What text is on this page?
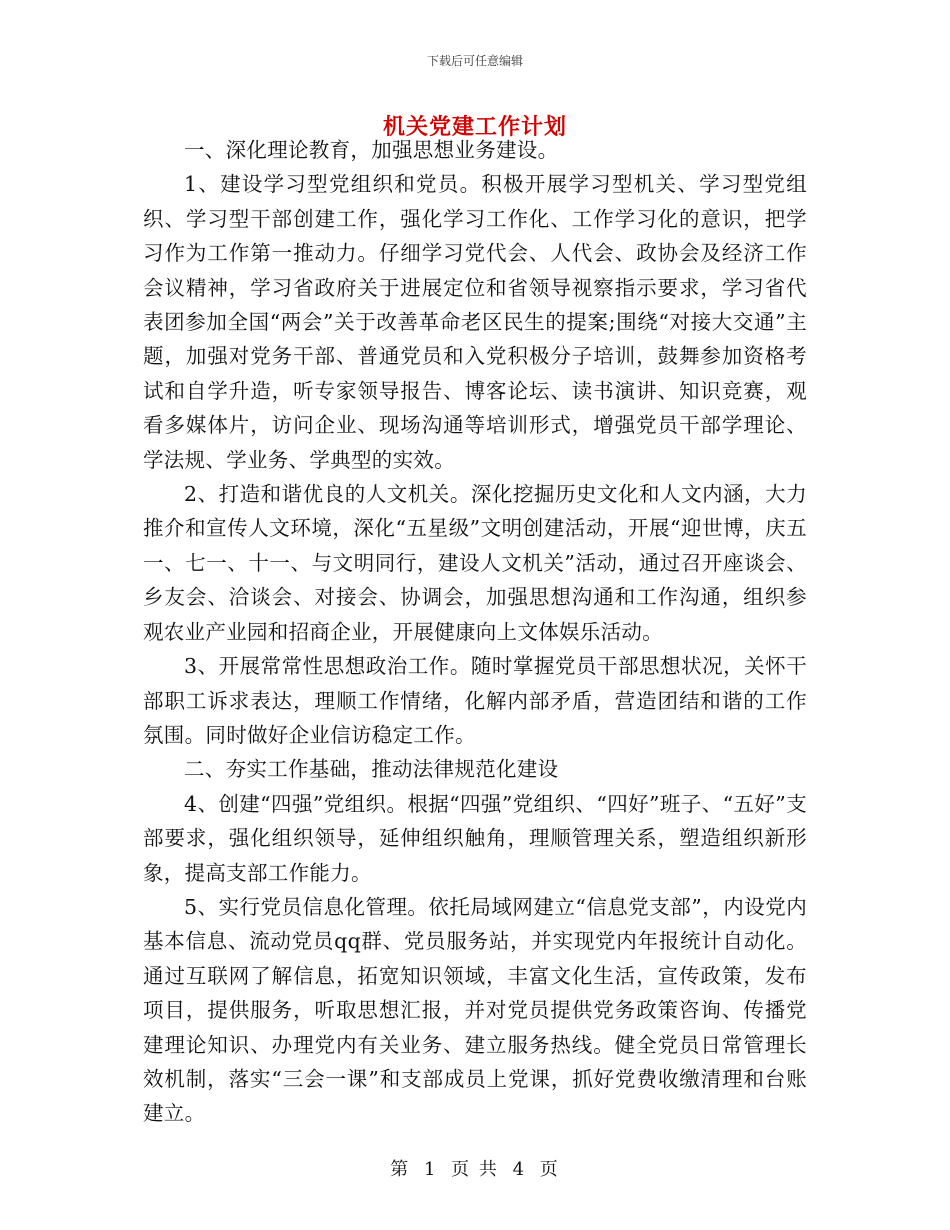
下载后可任意编辑
机关党建工作计划

一、深化理论教育，加强思想业务建设。

1、建设学习型党组织和党员。积极开展学习型机关、学习型党组织、学习型干部创建工作，强化学习工作化、工作学习化的意识，把学习作为工作第一推动力。仔细学习党代会、人代会、政协会及经济工作会议精神，学习省政府关于进展定位和省领导视察指示要求，学习省代表团参加全国“两会”关于改善革命老区民生的提案;围绕“对接大交通”主题，加强对党务干部、普通党员和入党积极分子培训，鼓舞参加资格考试和自学升造，听专家领导报告、博客论坛、读书演讲、知识竞赛，观看多媒体片，访问企业、现场沟通等培训形式，增强党员干部学理论、学法规、学业务、学典型的实效。

2、打造和谐优良的人文机关。深化挖掘历史文化和人文内涵，大力推介和宣传人文环境，深化“五星级”文明创建活动，开展“迎世博，庆五一、七一、十一、与文明同行，建设人文机关”活动，通过召开座谈会、乡友会、洽谈会、对接会、协调会，加强思想沟通和工作沟通，组织参观农业产业园和招商企业，开展健康向上文体娱乐活动。

3、开展常常性思想政治工作。随时掌握党员干部思想状况，关怀干部职工诉求表达，理顺工作情绪，化解内部矛盾，营造团结和谐的工作氛围。同时做好企业信访稳定工作。

二、夯实工作基础，推动法律规范化建设

4、创建“四强”党组织。根据“四强”党组织、“四好”班子、“五好”支部要求，强化组织领导，延伸组织触角，理顺管理关系，塑造组织新形象，提高支部工作能力。

5、实行党员信息化管理。依托局域网建立“信息党支部”，内设党内基本信息、流动党员qq群、党员服务站，并实现党内年报统计自动化。通过互联网了解信息，拓宽知识领域，丰富文化生活，宣传政策，发布项目，提供服务，听取思想汇报，并对党员提供党务政策咨询、传播党建理论知识、办理党内有关业务、建立服务热线。健全党员日常管理长效机制，落实“三会一课”和支部成员上党课，抓好党费收缴清理和台账建立。

第 1 页 共 4 页
